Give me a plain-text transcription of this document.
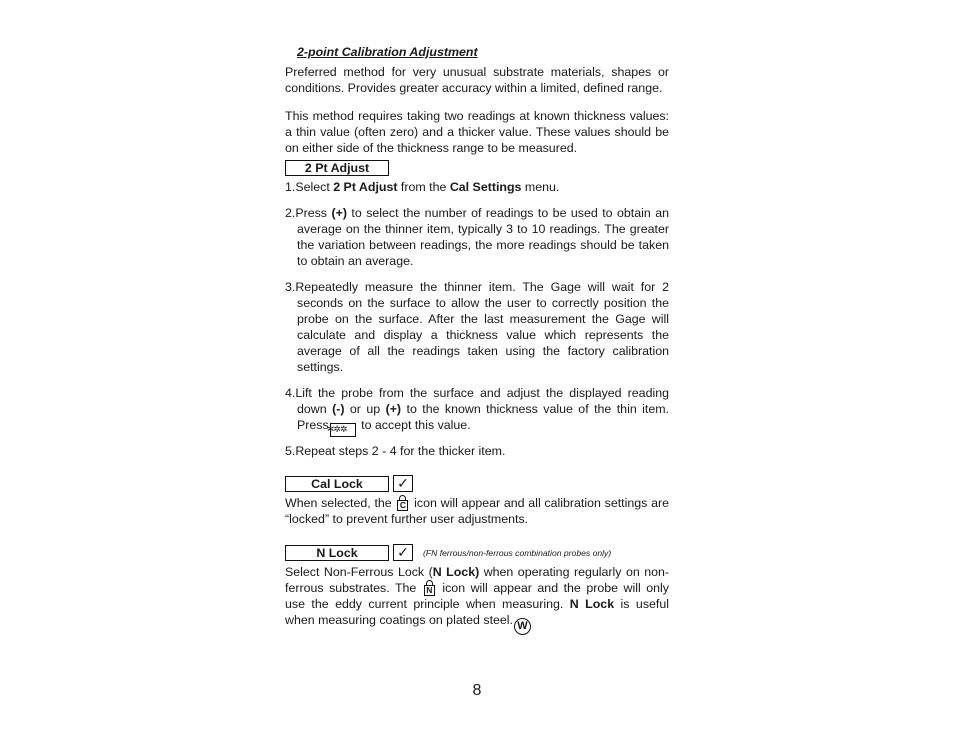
2-point Calibration Adjustment

Preferred method for very unusual substrate materials, shapes or conditions. Provides greater accuracy within a limited, defined range.

This method requires taking two readings at known thickness values: a thin value (often zero) and a thicker value. These values should be on either side of the thickness range to be measured.

2 Pt Adjust
1.Select 2 Pt Adjust from the Cal Settings menu.
2.Press (+) to select the number of readings to be used to obtain an average on the thinner item, typically 3 to 10 readings. The greater the variation between readings, the more readings should be taken to obtain an average.
3.Repeatedly measure the thinner item. The Gage will wait for 2 seconds on the surface to allow the user to correctly position the probe on the surface. After the last measurement the Gage will calculate and display a thickness value which represents the average of all the readings taken using the factory calibration settings.
4.Lift the probe from the surface and adjust the displayed reading down (-) or up (+) to the known thickness value of the thin item. Press✲✲✲ to accept this value.
5.Repeat steps 2 - 4 for the thicker item.
Cal Lock	✓

When selected, the C icon will appear and all calibration settings are “locked” to prevent further user adjustments.

N Lock	✓	(FN ferrous/non-ferrous combination probes only)

Select Non-Ferrous Lock (N Lock) when operating regularly on non-ferrous substrates. The N icon will appear and the probe will only use the eddy current principle when measuring. N Lock is useful when measuring coatings on plated steel. W

8
